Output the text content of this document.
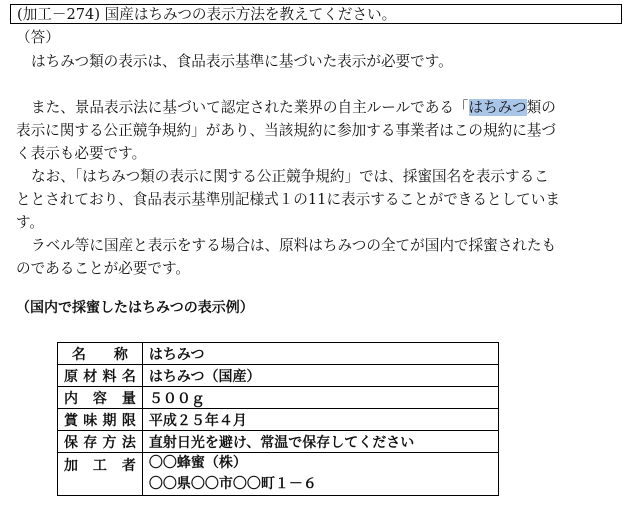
(加工－274) 国産はちみつの表示方法を教えてください。
（答）
はちみつ類の表示は、食品表示基準に基づいた表示が必要です。
また、景品表示法に基づいて認定された業界の自主ルールである「はちみつ類の
表示に関する公正競争規約」があり、当該規約に参加する事業者はこの規約に基づ
く表示も必要です。
なお、「はちみつ類の表示に関する公正競争規約」では、採蜜国名を表示するこ
ととされており、食品表示基準別記様式１の11に表示することができるとしていま
す。
ラベル等に国産と表示をする場合は、原料はちみつの全てが国内で採蜜されたも
のであることが必要です。
（国内で採蜜したはちみつの表示例）
名　　称	はちみつ
原材料名	はちみつ（国産）
内 容 量	５００ｇ
賞味期限	平成２５年４月
保存方法	直射日光を避け、常温で保存してください
加 工 者	〇〇蜂蜜（株）
〇〇県〇〇市〇〇町１－６
